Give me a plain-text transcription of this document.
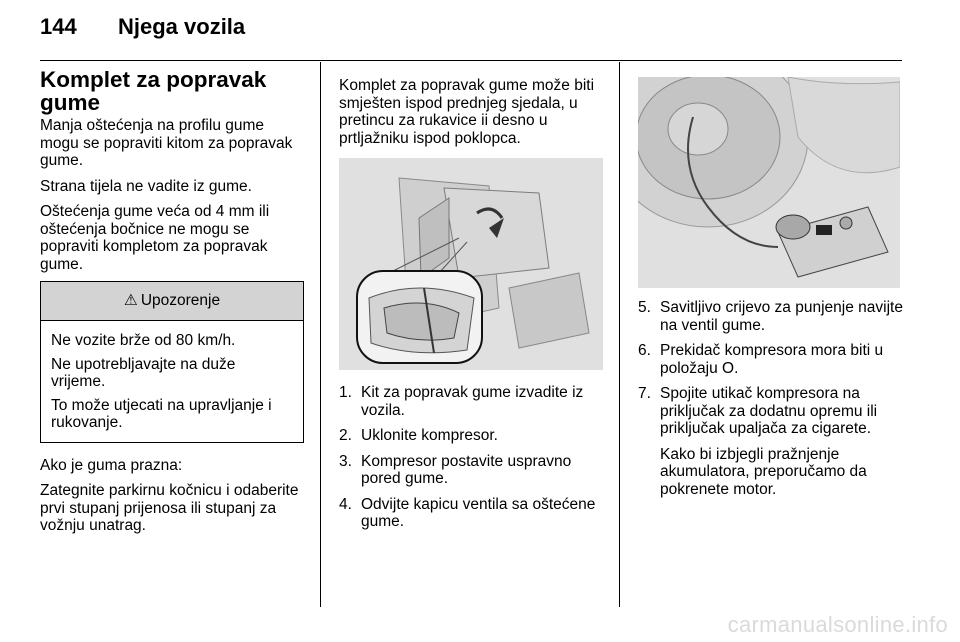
144 Njega vozila
Komplet za popravak gume

Manja oštećenja na profilu gume mogu se popraviti kitom za popravak gume.

Strana tijela ne vadite iz gume.

Oštećenja gume veća od 4 mm ili oštećenja bočnice ne mogu se popraviti kompletom za popravak gume.

⚠ Upozorenje

Ne vozite brže od 80 km/h.

Ne upotrebljavajte na duže vrijeme.

To može utjecati na upravljanje i rukovanje.

Ako je guma prazna:

Zategnite parkirnu kočnicu i odaberite prvi stupanj prijenosa ili stupanj za vožnju unatrag.

Komplet za popravak gume može biti smješten ispod prednjeg sjedala, u pretincu za rukavice ii desno u prtljažniku ispod poklopca.

1. Kit za popravak gume izvadite iz vozila.
2. Uklonite kompresor.
3. Kompresor postavite uspravno pored gume.
4. Odvijte kapicu ventila sa oštećene gume.
5. Savitljivo crijevo za punjenje navijte na ventil gume.
6. Prekidač kompresora mora biti u položaju O.
7. Spojite utikač kompresora na priključak za dodatnu opremu ili priključak upaljača za cigarete.
Kako bi izbjegli pražnjenje akumulatora, preporučamo da pokrenete motor.
carmanualsonline.info
